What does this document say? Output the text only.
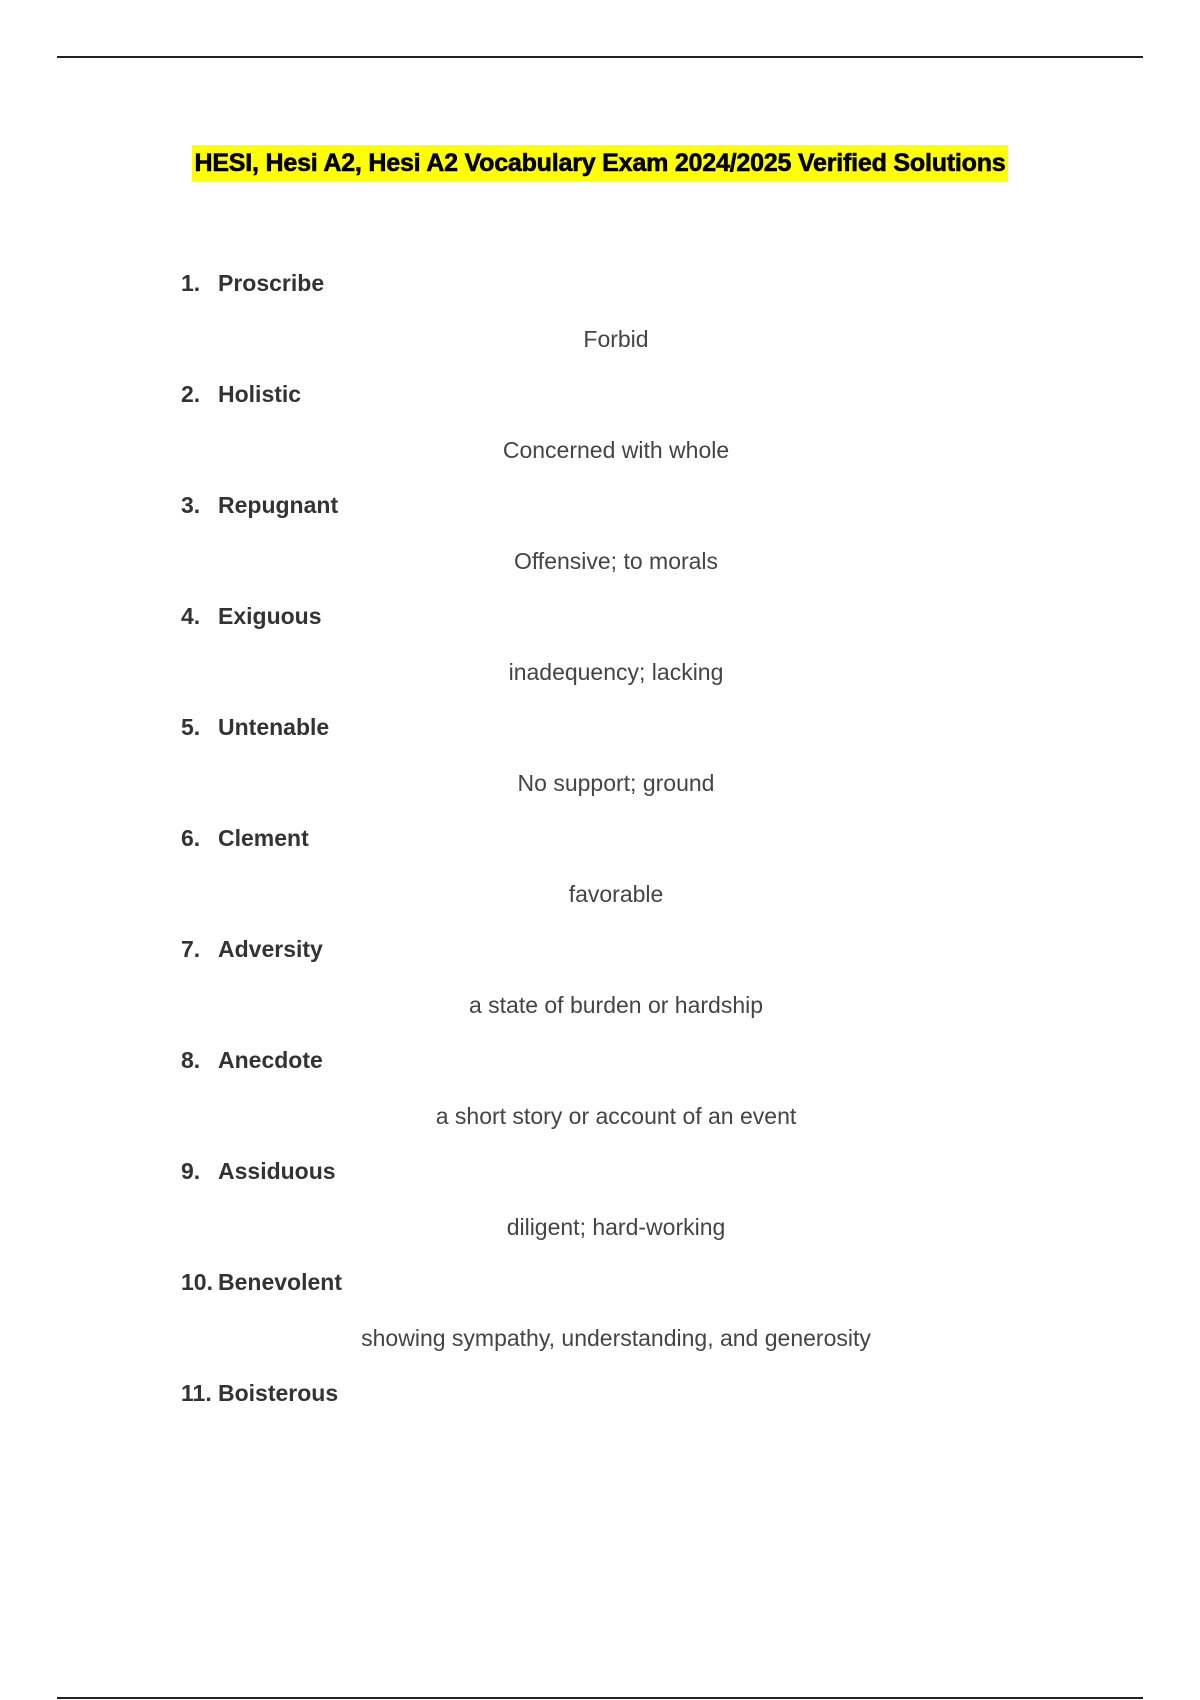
HESI, Hesi A2, Hesi A2 Vocabulary Exam 2024/2025 Verified Solutions
1. Proscribe
Forbid
2. Holistic
Concerned with whole
3. Repugnant
Offensive; to morals
4. Exiguous
inadequency; lacking
5. Untenable
No support; ground
6. Clement
favorable
7. Adversity
a state of burden or hardship
8. Anecdote
a short story or account of an event
9. Assiduous
diligent; hard-working
10. Benevolent
showing sympathy, understanding, and generosity
11. Boisterous
